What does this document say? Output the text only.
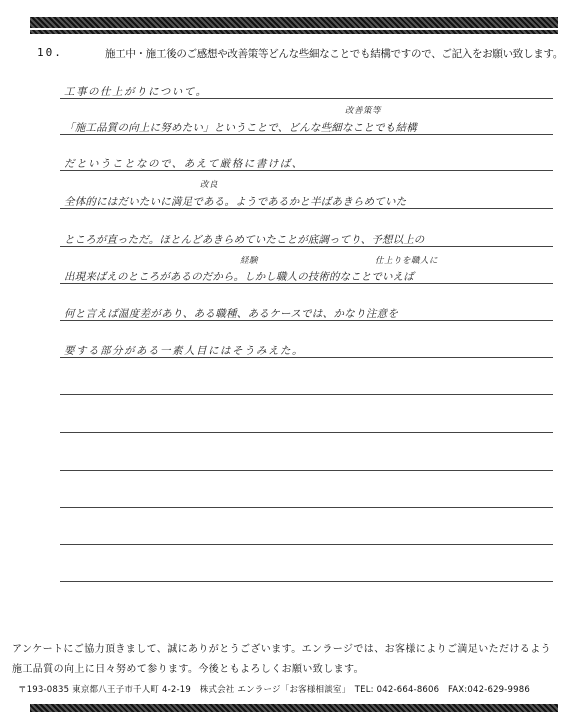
10.	施工中・施工後のご感想や改善策等どんな些細なことでも結構ですので、ご記入をお願い致します。
工事の仕上がりについて。
改善策等
「施工品質の向上に努めたい」ということで、どんな些細なことでも結構
だということなので、あえて厳格に書けば、
改良
全体的にはだいたいに満足である。ようであるかと半ばあきらめていた
ところが直っただ。ほとんどあきらめていたことが底調ってり、予想以上の
経験	仕上りを職人に
出現来ばえのところがあるのだから。しかし職人の技術的なことでいえば
何と言えば温度差があり、ある職種、あるケースでは、かなり注意を
要する部分がある一素人目にはそうみえた。
アンケートにご協力頂きまして、誠にありがとうございます。エンラージでは、お客様によりご満足いただけるよう
施工品質の向上に日々努めて参ります。今後ともよろしくお願い致します。
〒193-0835 東京都八王子市千人町 4-2-19　株式会社 エンラージ「お客様相談室」　TEL: 042-664-8606　FAX:042-629-9986
